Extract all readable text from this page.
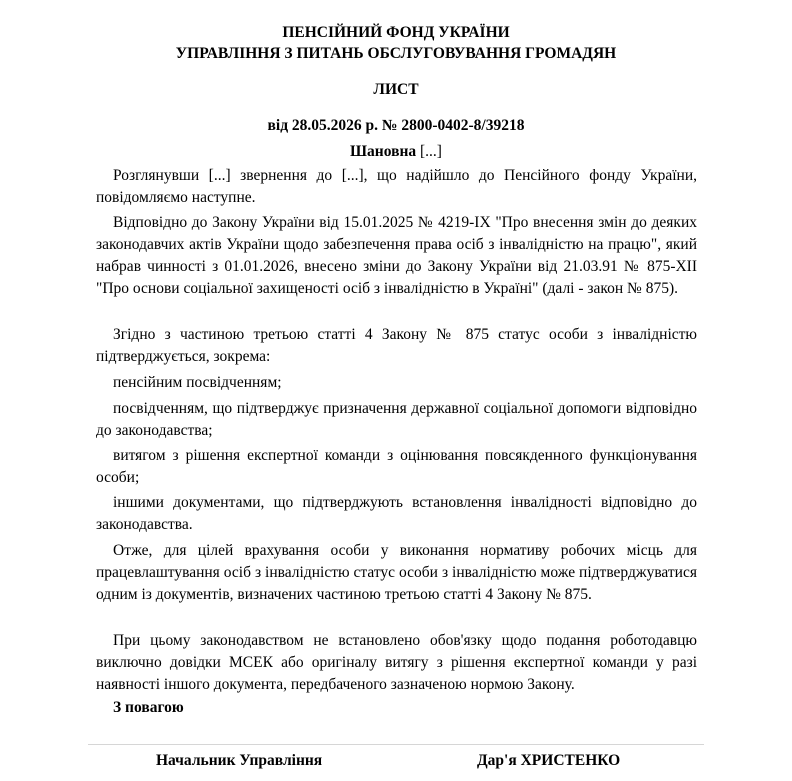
ПЕНСІЙНИЙ ФОНД УКРАЇНИ
УПРАВЛІННЯ З ПИТАНЬ ОБСЛУГОВУВАННЯ ГРОМАДЯН
ЛИСТ
від 28.05.2026 р. № 2800-0402-8/39218
Шановна [...]
Розглянувши [...] звернення до [...], що надійшло до Пенсійного фонду України, повідомляємо наступне.
Відповідно до Закону України від 15.01.2025 № 4219-IX "Про внесення змін до деяких законодавчих актів України щодо забезпечення права осіб з інвалідністю на працю", який набрав чинності з 01.01.2026, внесено зміни до Закону України від 21.03.91 № 875-XII "Про основи соціальної захищеності осіб з інвалідністю в Україні" (далі - закон № 875).
Згідно з частиною третьою статті 4 Закону № 875 статус особи з інвалідністю підтверджується, зокрема:
пенсійним посвідченням;
посвідченням, що підтверджує призначення державної соціальної допомоги відповідно до законодавства;
витягом з рішення експертної команди з оцінювання повсякденного функціонування особи;
іншими документами, що підтверджують встановлення інвалідності відповідно до законодавства.
Отже, для цілей врахування особи у виконання нормативу робочих місць для працевлаштування осіб з інвалідністю статус особи з інвалідністю може підтверджуватися одним із документів, визначених частиною третьою статті 4 Закону № 875.
При цьому законодавством не встановлено обов'язку щодо подання роботодавцю виключно довідки МСЕК або оригіналу витягу з рішення експертної команди у разі наявності іншого документа, передбаченого зазначеною нормою Закону.
З повагою
Начальник Управління	Дар'я ХРИСТЕНКО
